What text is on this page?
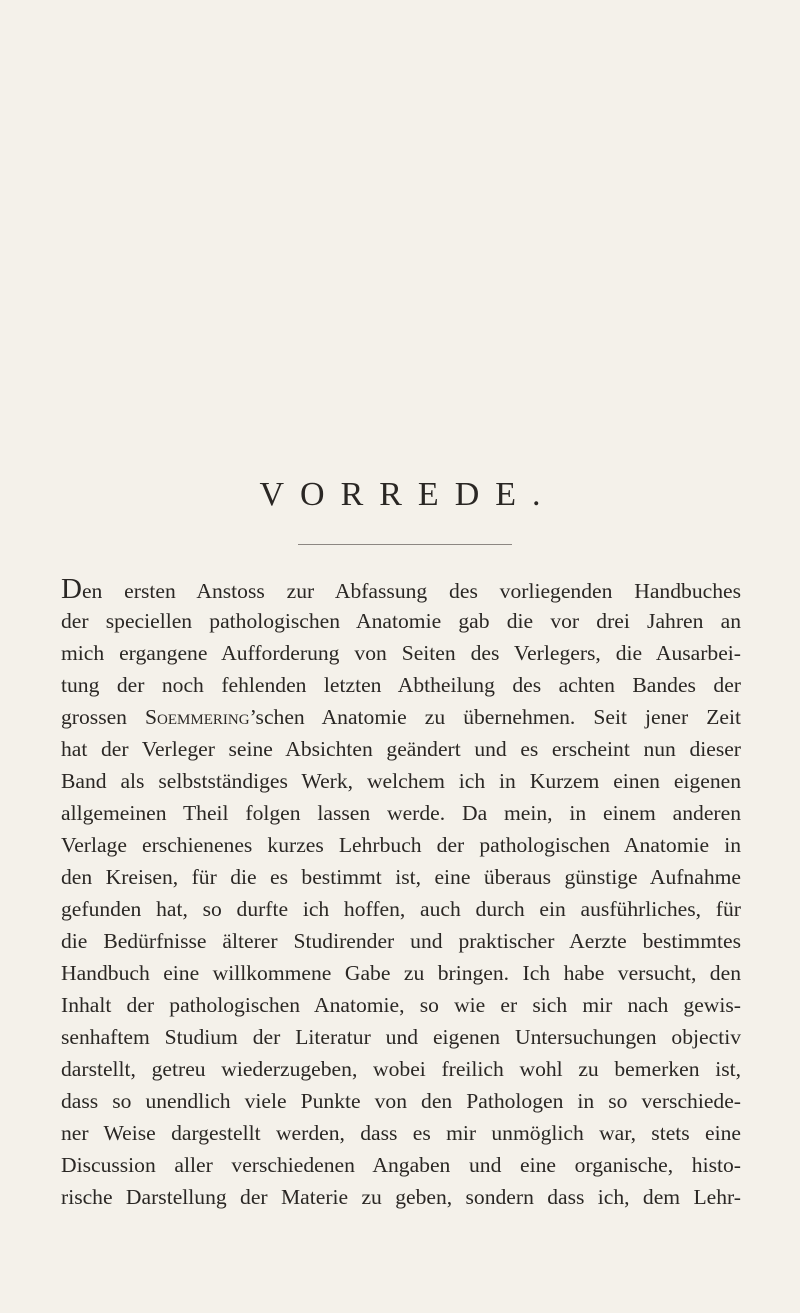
VORREDE.
Den ersten Anstoss zur Abfassung des vorliegenden Handbuches
der speciellen pathologischen Anatomie gab die vor drei Jahren an
mich ergangene Aufforderung von Seiten des Verlegers, die Ausarbei-
tung der noch fehlenden letzten Abtheilung des achten Bandes der
grossen Soemmering’schen Anatomie zu übernehmen. Seit jener Zeit
hat der Verleger seine Absichten geändert und es erscheint nun dieser
Band als selbstständiges Werk, welchem ich in Kurzem einen eigenen
allgemeinen Theil folgen lassen werde. Da mein, in einem anderen
Verlage erschienenes kurzes Lehrbuch der pathologischen Anatomie in
den Kreisen, für die es bestimmt ist, eine überaus günstige Aufnahme
gefunden hat, so durfte ich hoffen, auch durch ein ausführliches, für
die Bedürfnisse älterer Studirender und praktischer Aerzte bestimmtes
Handbuch eine willkommene Gabe zu bringen. Ich habe versucht, den
Inhalt der pathologischen Anatomie, so wie er sich mir nach gewis-
senhaftem Studium der Literatur und eigenen Untersuchungen objectiv
darstellt, getreu wiederzugeben, wobei freilich wohl zu bemerken ist,
dass so unendlich viele Punkte von den Pathologen in so verschiede-
ner Weise dargestellt werden, dass es mir unmöglich war, stets eine
Discussion aller verschiedenen Angaben und eine organische, histo-
rische Darstellung der Materie zu geben, sondern dass ich, dem Lehr-
